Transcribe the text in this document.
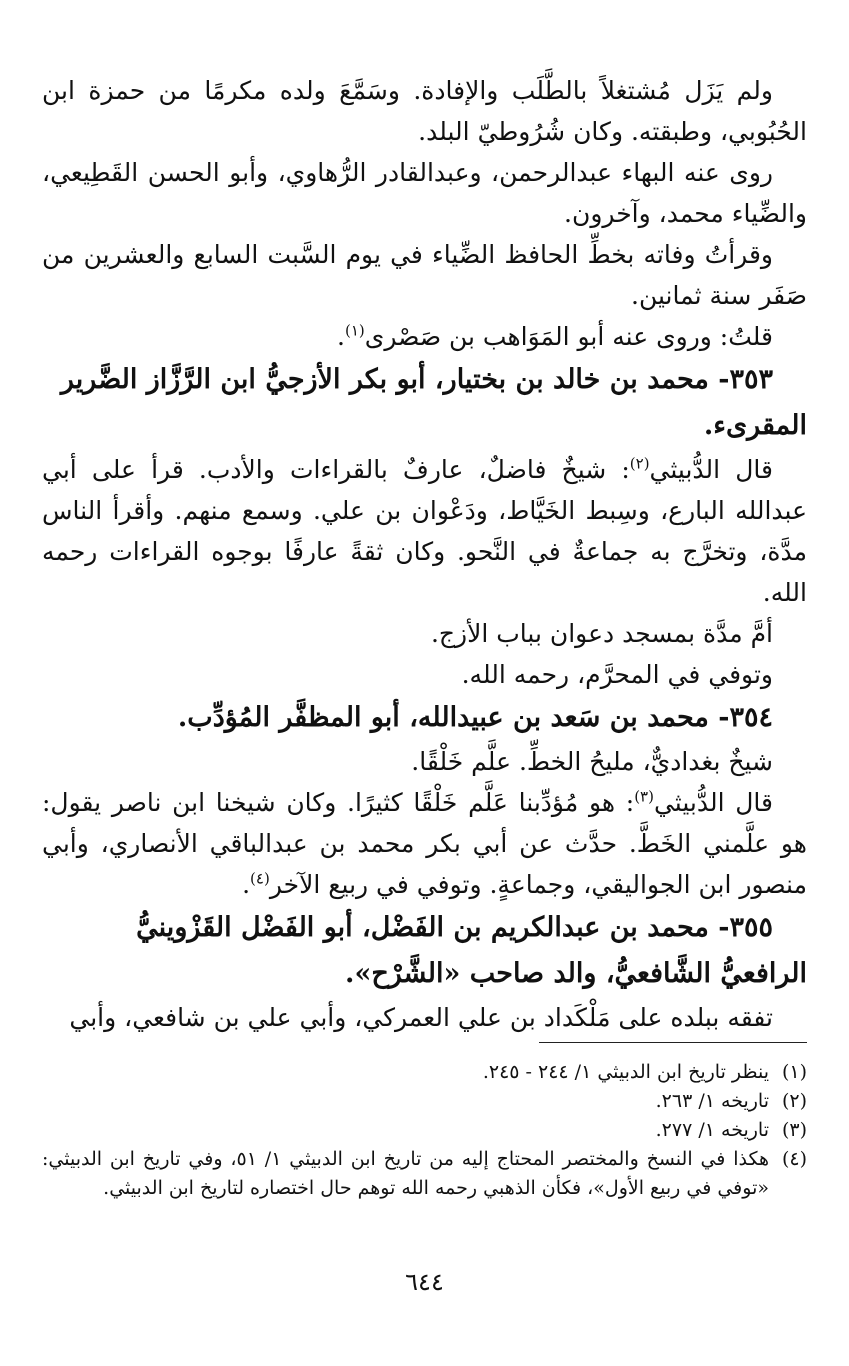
ولم يَزَل مُشتغلاً بالطَّلَب والإفادة. وسَمَّعَ ولده مكرمًا من حمزة ابن الحُبُوبي، وطبقته. وكان شُرُوطيّ البلد.

روى عنه البهاء عبدالرحمن، وعبدالقادر الرُّهاوي، وأبو الحسن القَطِيعي، والضِّياء محمد، وآخرون.

وقرأتُ وفاته بخطِّ الحافظ الضِّياء في يوم السَّبت السابع والعشرين من صَفَر سنة ثمانين.

قلتُ: وروى عنه أبو المَوَاهب بن صَصْرى$^{(١)}$.

٣٥٣- محمد بن خالد بن بختيار، أبو بكر الأزجيُّ ابن الرَّزَّاز الضَّرير المقرىء.

قال الدُّبيثي$^{(٢)}$: شيخٌ فاضلٌ، عارفٌ بالقراءات والأدب. قرأ على أبي عبدالله البارع، وسِبط الخَيَّاط، ودَعْوان بن علي. وسمع منهم. وأقرأ الناس مدَّة، وتخرَّج به جماعةٌ في النَّحو. وكان ثقةً عارفًا بوجوه القراءات رحمه الله.

أمَّ مدَّة بمسجد دعوان بباب الأزج.

وتوفي في المحرَّم، رحمه الله.

٣٥٤- محمد بن سَعد بن عبيدالله، أبو المظفَّر المُؤدِّب.

شيخٌ بغداديٌّ، مليحُ الخطِّ. علَّم خَلْقًا.

قال الدُّبيثي$^{(٣)}$: هو مُؤدِّبنا عَلَّم خَلْقًا كثيرًا. وكان شيخنا ابن ناصر يقول: هو علَّمني الخَطَّ. حدَّث عن أبي بكر محمد بن عبدالباقي الأنصاري، وأبي منصور ابن الجواليقي، وجماعةٍ. وتوفي في ربيع الآخر$^{(٤)}$.

٣٥٥- محمد بن عبدالكريم بن الفَضْل، أبو الفَضْل القَزْوينيُّ الرافعيُّ الشَّافعيُّ، والد صاحب «الشَّرْح».

تفقه ببلده على مَلْكَداد بن علي العمركي، وأبي علي بن شافعي، وأبي

(١)
ينظر تاريخ ابن الدبيثي ١/ ٢٤٤ - ٢٤٥.
(٢)
تاريخه ١/ ٢٦٣.
(٣)
تاريخه ١/ ٢٧٧.
(٤)
هكذا في النسخ والمختصر المحتاج إليه من تاريخ ابن الدبيثي ١/ ٥١، وفي تاريخ ابن الدبيثي: «توفي في ربيع الأول»، فكأن الذهبي رحمه الله توهم حال اختصاره لتاريخ ابن الدبيثي.
٦٤٤
